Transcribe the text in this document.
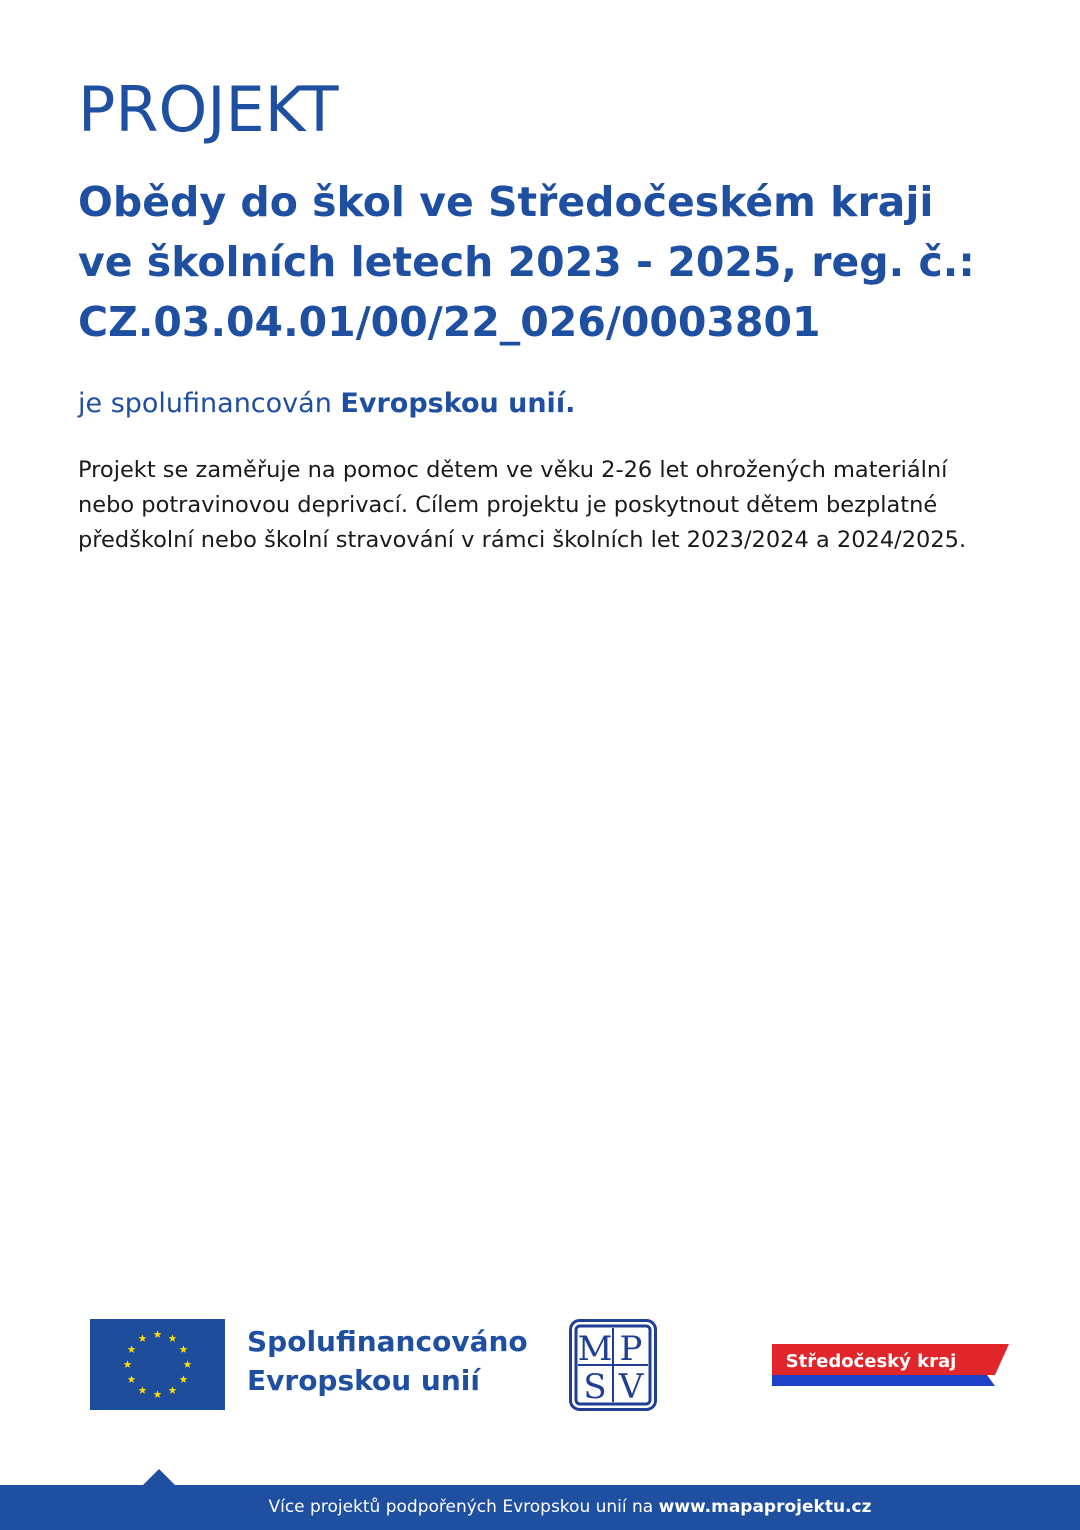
PROJEKT
Obědy do škol ve Středočeském kraji
ve školních letech 2023 - 2025, reg. č.:
CZ.03.04.01/00/22_026/0003801

je spolufinancován Evropskou unií.

Projekt se zaměřuje na pomoc dětem ve věku 2-26 let ohrožených materiální
nebo potravinovou deprivací. Cílem projektu je poskytnout dětem bezplatné
předškolní nebo školní stravování v rámci školních let 2023/2024 a 2024/2025.

Spolufinancováno
Evropskou unií
M P
S V
Středočeský kraj
Více projektů podpořených Evropskou unií na www.mapaprojektu.cz
